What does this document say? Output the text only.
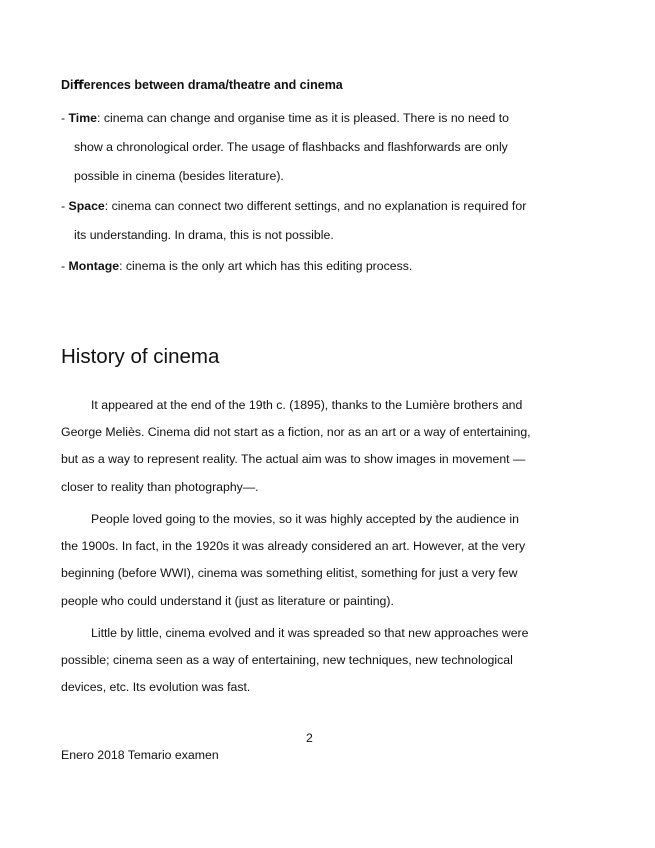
Diﬀerences between drama/theatre and cinema
- Time: cinema can change and organise time as it is pleased. There is no need to
show a chronological order. The usage of flashbacks and flashforwards are only
possible in cinema (besides literature).
- Space: cinema can connect two different settings, and no explanation is required for
its understanding. In drama, this is not possible.
- Montage: cinema is the only art which has this editing process.
History of cinema
It appeared at the end of the 19th c. (1895), thanks to the Lumière brothers and
George Meliès. Cinema did not start as a fiction, nor as an art or a way of entertaining,
but as a way to represent reality. The actual aim was to show images in movement —
closer to reality than photography—.
People loved going to the movies, so it was highly accepted by the audience in
the 1900s. In fact, in the 1920s it was already considered an art. However, at the very
beginning (before WWI), cinema was something elitist, something for just a very few
people who could understand it (just as literature or painting).
Little by little, cinema evolved and it was spreaded so that new approaches were
possible; cinema seen as a way of entertaining, new techniques, new technological
devices, etc. Its evolution was fast.
2
Enero 2018 Temario examen
